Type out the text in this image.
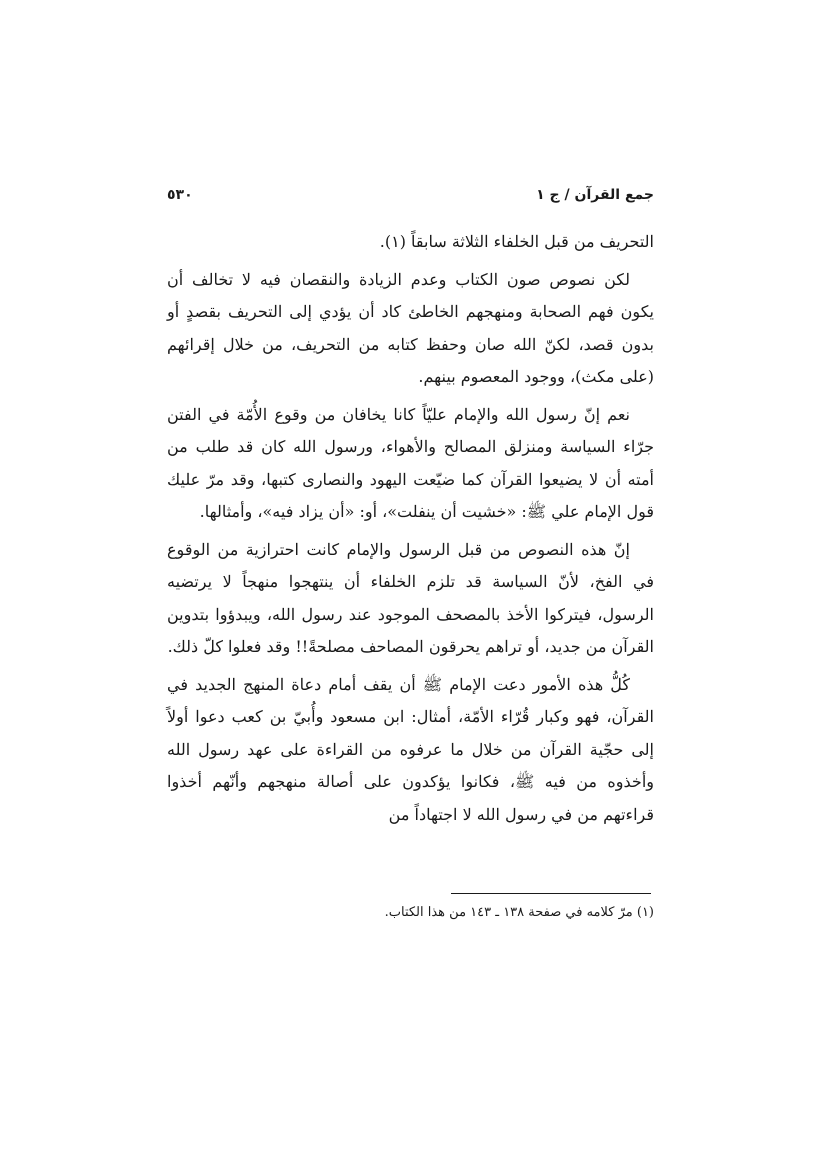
٥٣٠	جمع القرآن / ج ١

التحريف من قبل الخلفاء الثلاثة سابقاً (١).

لكن نصوص صون الكتاب وعدم الزيادة والنقصان فيه لا تخالف أن يكون فهم الصحابة ومنهجهم الخاطئ كاد أن يؤدي إلى التحريف بقصدٍ أو بدون قصد، لكنّ الله صان وحفظ كتابه من التحريف، من خلال إقرائهم (على مكث)، ووجود المعصوم بينهم.

نعم إنّ رسول الله والإمام عليّاً كانا يخافان من وقوع الأُمّة في الفتن جرّاء السياسة ومنزلق المصالح والأهواء، ورسول الله كان قد طلب من أمته أن لا يضيعوا القرآن كما ضيّعت اليهود والنصارى كتبها، وقد مرّ عليك قول الإمام علي ﷺ: «خشيت أن ينفلت»، أو: «أن يزاد فيه»، وأمثالها.

إنّ هذه النصوص من قبل الرسول والإمام كانت احترازية من الوقوع في الفخ، لأنّ السياسة قد تلزم الخلفاء أن ينتهجوا منهجاً لا يرتضيه الرسول، فيتركوا الأخذ بالمصحف الموجود عند رسول الله، ويبدؤوا بتدوين القرآن من جديد، أو تراهم يحرقون المصاحف مصلحةً!! وقد فعلوا كلّ ذلك.

كُلُّ هذه الأمور دعت الإمام ﷺ أن يقف أمام دعاة المنهج الجديد في القرآن، فهو وكبار قُرّاء الأمّة، أمثال: ابن مسعود وأُبيّ بن كعب دعوا أولاً إلى حجّية القرآن من خلال ما عرفوه من القراءة على عهد رسول الله وأخذوه من فيه ﷺ، فكانوا يؤكدون على أصالة منهجهم وأنّهم أخذوا قراءتهم من في رسول الله لا اجتهاداً من

(١) مرّ كلامه في صفحة ١٣٨ ـ ١٤٣ من هذا الكتاب.
